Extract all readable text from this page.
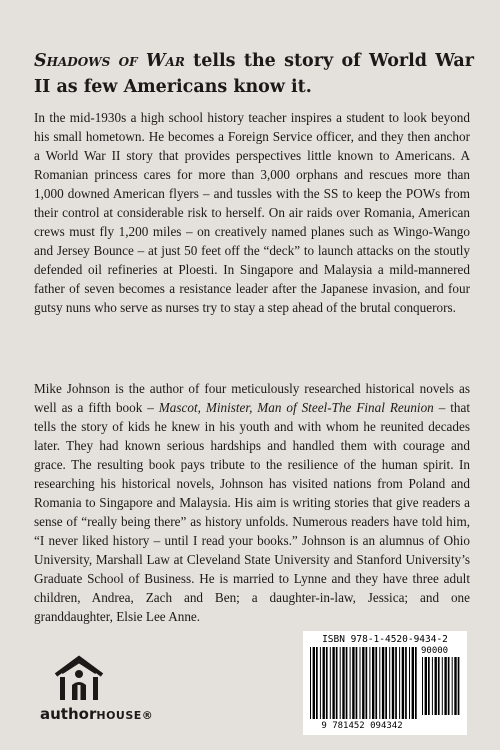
Shadows of War tells the story of World War II as few Americans know it.
In the mid-1930s a high school history teacher inspires a student to look beyond his small hometown. He becomes a Foreign Service officer, and they then anchor a World War II story that provides perspectives little known to Americans. A Romanian princess cares for more than 3,000 orphans and rescues more than 1,000 downed American flyers – and tussles with the SS to keep the POWs from their control at considerable risk to herself. On air raids over Romania, American crews must fly 1,200 miles – on creatively named planes such as Wingo-Wango and Jersey Bounce – at just 50 feet off the “deck” to launch attacks on the stoutly defended oil refineries at Ploesti. In Singapore and Malaysia a mild-mannered father of seven becomes a resistance leader after the Japanese invasion, and four gutsy nuns who serve as nurses try to stay a step ahead of the brutal conquerors.
Mike Johnson is the author of four meticulously researched historical novels as well as a fifth book – Mascot, Minister, Man of Steel-The Final Reunion – that tells the story of kids he knew in his youth and with whom he reunited decades later. They had known serious hardships and handled them with courage and grace. The resulting book pays tribute to the resilience of the human spirit. In researching his historical novels, Johnson has visited nations from Poland and Romania to Singapore and Malaysia. His aim is writing stories that give readers a sense of “really being there” as history unfolds. Numerous readers have told him, “I never liked history – until I read your books.” Johnson is an alumnus of Ohio University, Marshall Law at Cleveland State University and Stanford University’s Graduate School of Business. He is married to Lynne and they have three adult children, Andrea, Zach and Ben; a daughter-in-law, Jessica; and one granddaughter, Elsie Lee Anne.
authorHOUSE®
ISBN 978-1-4520-9434-2
90000
9 781452 094342
